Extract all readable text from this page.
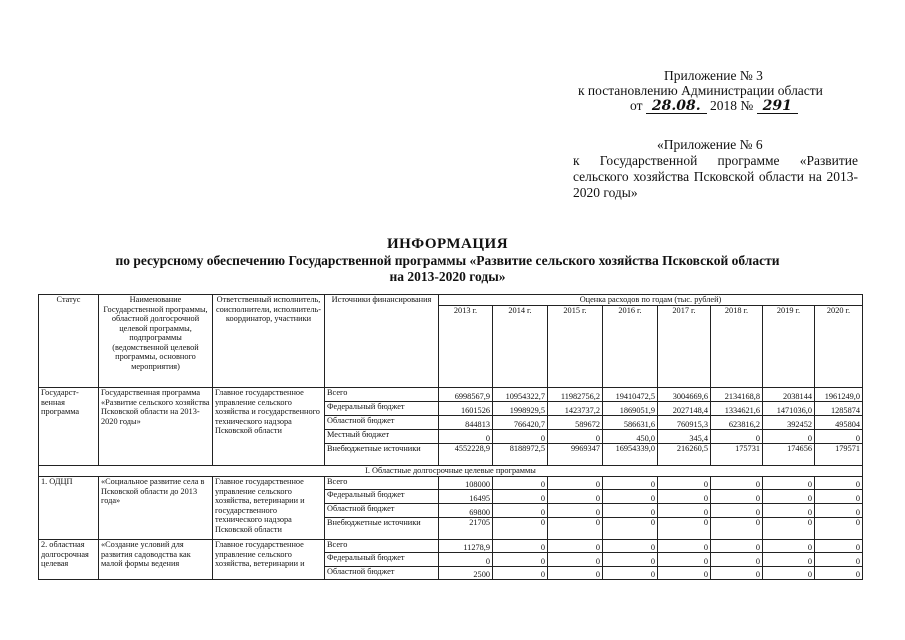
Приложение № 3
к постановлению Администрации области
от 28.08. 2018 № 291
«Приложение № 6
к Государственной программе «Развитие сельского хозяйства Псковской области на 2013-2020 годы»
ИНФОРМАЦИЯ
по ресурсному обеспечению Государственной программы «Развитие сельского хозяйства Псковской области
на 2013-2020 годы»
Статус	Наименование Государственной программы, областной долгосрочной целевой программы, подпрограммы (ведомственной целевой программы, основного мероприятия)	Ответственный исполнитель, соисполнители, исполнитель-координатор, участники	Источники финансирования	Оценка расходов по годам (тыс. рублей)							
				2013 г.	2014 г.	2015 г.	2016 г.	2017 г.	2018 г.	2019 г.	2020 г.
Государст-венная программа	Государственная программа «Развитие сельского хозяйства Псковской области на 2013-2020 годы»	Главное государственное управление сельского хозяйства и государственного технического надзора Псковской области	Всего	6998567,9	10954322,7	11982756,2	19410472,5	3004669,6	2134168,8	2038144	1961249,0
			Федеральный бюджет	1601526	1998929,5	1423737,2	1869051,9	2027148,4	1334621,6	1471036,0	1285874
			Областной бюджет	844813	766420,7	589672	586631,6	760915,3	623816,2	392452	495804
			Местный бюджет	0	0	0	450,0	345,4	0	0	0
			Внебюджетные источники	4552228,9	8188972,5	9969347	16954339,0	216260,5	175731	174656	179571
I. Областные долгосрочные целевые программы											
1. ОДЦП	«Социальное развитие села в Псковской области до 2013 года»	Главное государственное управление сельского хозяйства, ветеринарии и государственного технического надзора Псковской области	Всего	108000	0	0	0	0	0	0	0
			Федеральный бюджет	16495	0	0	0	0	0	0	0
			Областной бюджет	69800	0	0	0	0	0	0	0
			Внебюджетные источники	21705	0	0	0	0	0	0	0
2. областная долгосрочная целевая	«Создание условий для развития садоводства как малой формы ведения	Главное государственное управление сельского хозяйства, ветеринарии и	Всего	11278,9	0	0	0	0	0	0	0
			Федеральный бюджет	0	0	0	0	0	0	0	0
			Областной бюджет	2500	0	0	0	0	0	0	0
